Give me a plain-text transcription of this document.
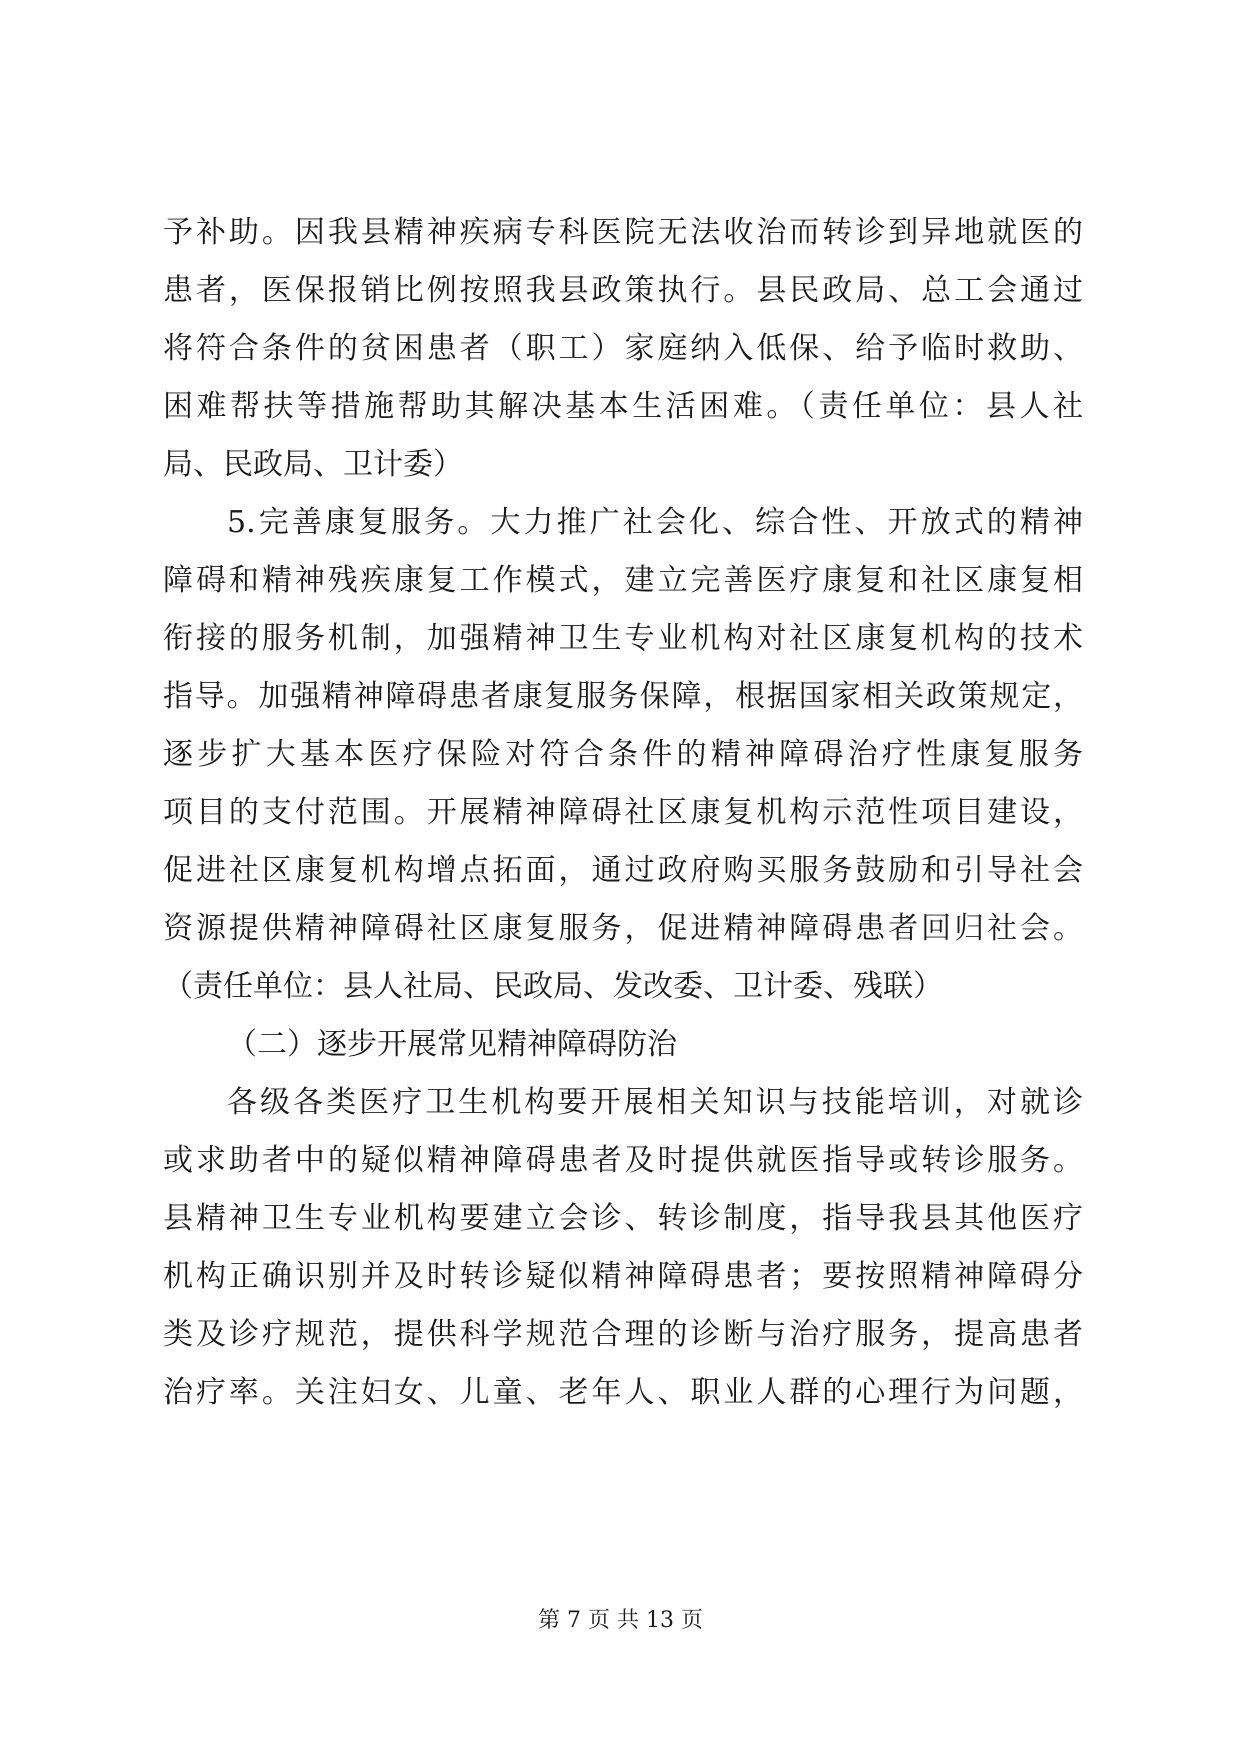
予补助。因我县精神疾病专科医院无法收治而转诊到异地就医的
患者，医保报销比例按照我县政策执行。县民政局、总工会通过
将符合条件的贫困患者（职工）家庭纳入低保、给予临时救助、
困难帮扶等措施帮助其解决基本生活困难。（责任单位：县人社
局、民政局、卫计委）
5.完善康复服务。大力推广社会化、综合性、开放式的精神
障碍和精神残疾康复工作模式，建立完善医疗康复和社区康复相
衔接的服务机制，加强精神卫生专业机构对社区康复机构的技术
指导。加强精神障碍患者康复服务保障，根据国家相关政策规定，
逐步扩大基本医疗保险对符合条件的精神障碍治疗性康复服务
项目的支付范围。开展精神障碍社区康复机构示范性项目建设，
促进社区康复机构增点拓面，通过政府购买服务鼓励和引导社会
资源提供精神障碍社区康复服务，促进精神障碍患者回归社会。
（责任单位：县人社局、民政局、发改委、卫计委、残联）
（二）逐步开展常见精神障碍防治
各级各类医疗卫生机构要开展相关知识与技能培训，对就诊
或求助者中的疑似精神障碍患者及时提供就医指导或转诊服务。
县精神卫生专业机构要建立会诊、转诊制度，指导我县其他医疗
机构正确识别并及时转诊疑似精神障碍患者；要按照精神障碍分
类及诊疗规范，提供科学规范合理的诊断与治疗服务，提高患者
治疗率。关注妇女、儿童、老年人、职业人群的心理行为问题，
第 7 页 共 13 页
